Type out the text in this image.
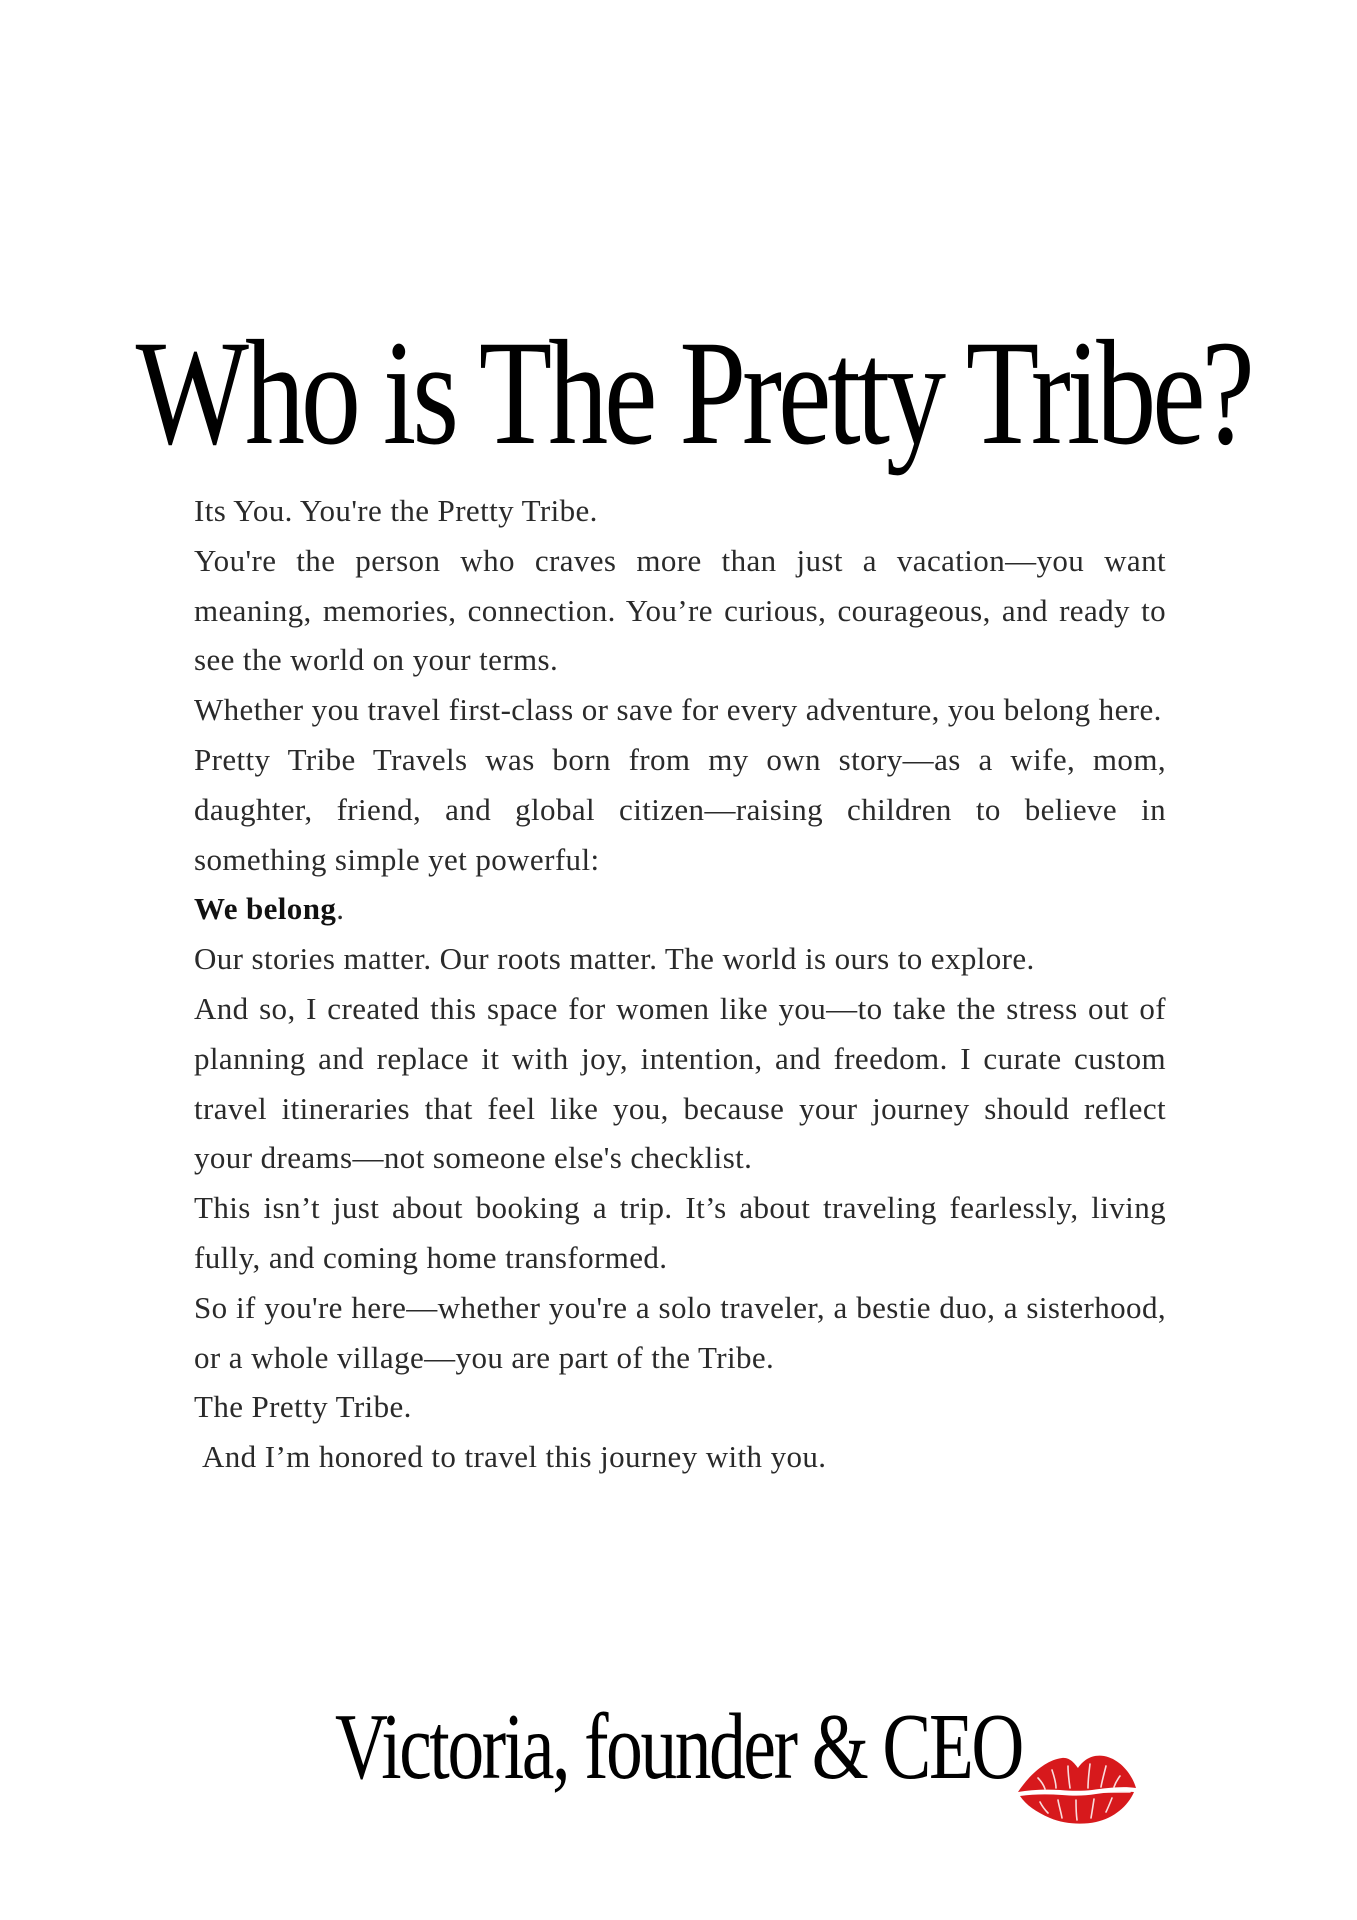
Who is The Pretty Tribe?

Its You. You're the Pretty Tribe.

You're the person who craves more than just a vacation—you want meaning, memories, connection. You’re curious, courageous, and ready to see the world on your terms.

Whether you travel first-class or save for every adventure, you belong here.

Pretty Tribe Travels was born from my own story—as a wife, mom, daughter, friend, and global citizen—raising children to believe in something simple yet powerful:

We belong.

Our stories matter. Our roots matter. The world is ours to explore.

And so, I created this space for women like you—to take the stress out of planning and replace it with joy, intention, and freedom. I curate custom travel itineraries that feel like you, because your journey should reflect your dreams—not someone else's checklist.

This isn’t just about booking a trip. It’s about traveling fearlessly, living fully, and coming home transformed.

So if you're here—whether you're a solo traveler, a bestie duo, a sisterhood, or a whole village—you are part of the Tribe.

The Pretty Tribe.

And I’m honored to travel this journey with you.

Victoria, founder & CEO
